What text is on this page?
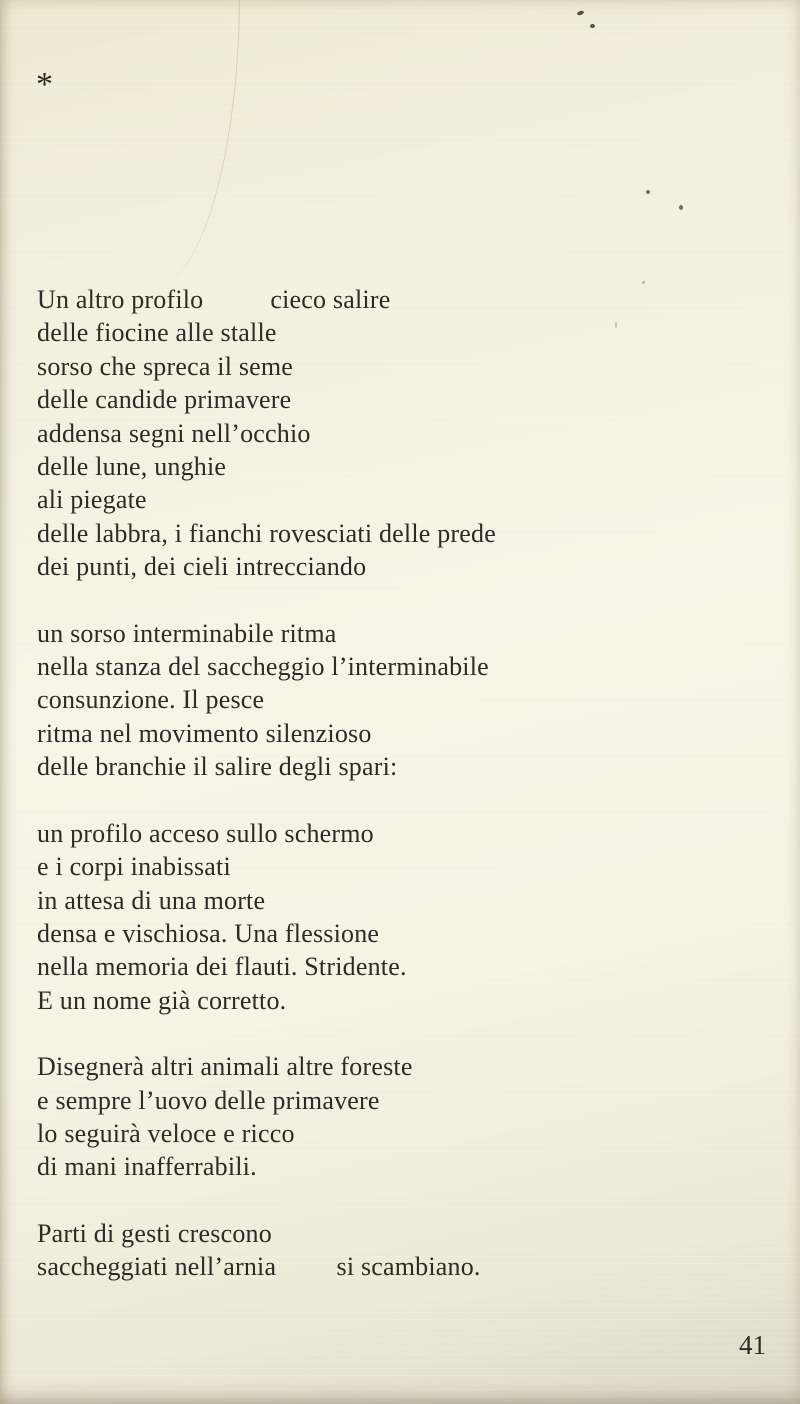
*
Un altro profilo          cieco salire
delle fiocine alle stalle
sorso che spreca il seme
delle candide primavere
addensa segni nell’occhio
delle lune, unghie
ali piegate
delle labbra, i fianchi rovesciati delle prede
dei punti, dei cieli intrecciando
un sorso interminabile ritma
nella stanza del saccheggio l’interminabile
consunzione. Il pesce
ritma nel movimento silenzioso
delle branchie il salire degli spari:
un profilo acceso sullo schermo
e i corpi inabissati
in attesa di una morte
densa e vischiosa. Una flessione
nella memoria dei flauti. Stridente.
E un nome già corretto.
Disegnerà altri animali altre foreste
e sempre l’uovo delle primavere
lo seguirà veloce e ricco
di mani inafferrabili.
Parti di gesti crescono
saccheggiati nell’arnia         si scambiano.
41
